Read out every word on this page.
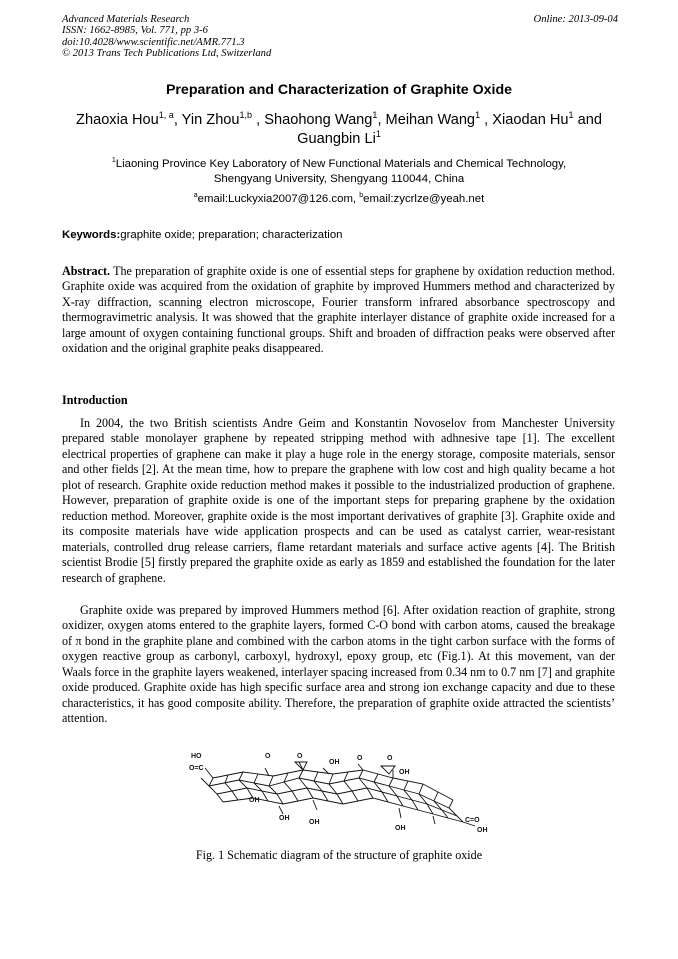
Advanced Materials Research
ISSN: 1662-8985, Vol. 771, pp 3-6
doi:10.4028/www.scientific.net/AMR.771.3
© 2013 Trans Tech Publications Ltd, Switzerland
Online: 2013-09-04
Preparation and Characterization of Graphite Oxide
Zhaoxia Hou$^{1, a}$, Yin Zhou$^{1,b}$ , Shaohong Wang$^1$, Meihan Wang$^1$ , Xiaodan Hu$^1$ and Guangbin Li$^1$
$^1$Liaoning Province Key Laboratory of New Functional Materials and Chemical Technology,
Shengyang University, Shengyang 110044, China
$^a$email:Luckyxia2007@126.com, $^b$email:zycrlze@yeah.net
Keywords:graphite oxide; preparation; characterization
Abstract. The preparation of graphite oxide is one of essential steps for graphene by oxidation reduction method. Graphite oxide was acquired from the oxidation of graphite by improved Hummers method and characterized by X-ray diffraction, scanning electron microscope, Fourier transform infrared absorbance spectroscopy and thermogravimetric analysis. It was showed that the graphite interlayer distance of graphite oxide increased for a large amount of oxygen containing functional groups. Shift and broaden of diffraction peaks were observed after oxidation and the original graphite peaks disappeared.
Introduction
In 2004, the two British scientists Andre Geim and Konstantin Novoselov from Manchester University prepared stable monolayer graphene by repeated stripping method with adhnesive tape [1]. The excellent electrical properties of graphene can make it play a huge role in the energy storage, composite materials, sensor and other fields [2]. At the mean time, how to prepare the graphene with low cost and high quality became a hot plot of research. Graphite oxide reduction method makes it possible to the industrialized production of graphene. However, preparation of graphite oxide is one of the important steps for preparing graphene by the oxidation reduction method. Moreover, graphite oxide is the most important derivatives of graphite [3]. Graphite oxide and its composite materials have wide application prospects and can be used as catalyst carrier, wear-resistant materials, controlled drug release carriers, flame retardant materials and surface active agents [4]. The British scientist Brodie [5] firstly prepared the graphite oxide as early as 1859 and established the foundation for the later research of graphene.
Graphite oxide was prepared by improved Hummers method [6]. After oxidation reaction of graphite, strong oxidizer, oxygen atoms entered to the graphite layers, formed C-O bond with carbon atoms, caused the breakage of π bond in the graphite plane and combined with the carbon atoms in the tight carbon surface with the forms of oxygen reactive group as carbonyl, carboxyl, hydroxyl, epoxy group, etc (Fig.1). At this movement, van der Waals force in the graphite layers weakened, interlayer spacing increased from 0.34 nm to 0.7 nm [7] and graphite oxide produced. Graphite oxide has high specific surface area and strong ion exchange capacity and due to these characteristics, it has good composite ability. Therefore, the preparation of graphite oxide attracted the scientists’ attention.
HO
O=C
O	O
OH
O	O
OH
OH
OH
OH
OH
C=O
OH
Fig. 1 Schematic diagram of the structure of graphite oxide
